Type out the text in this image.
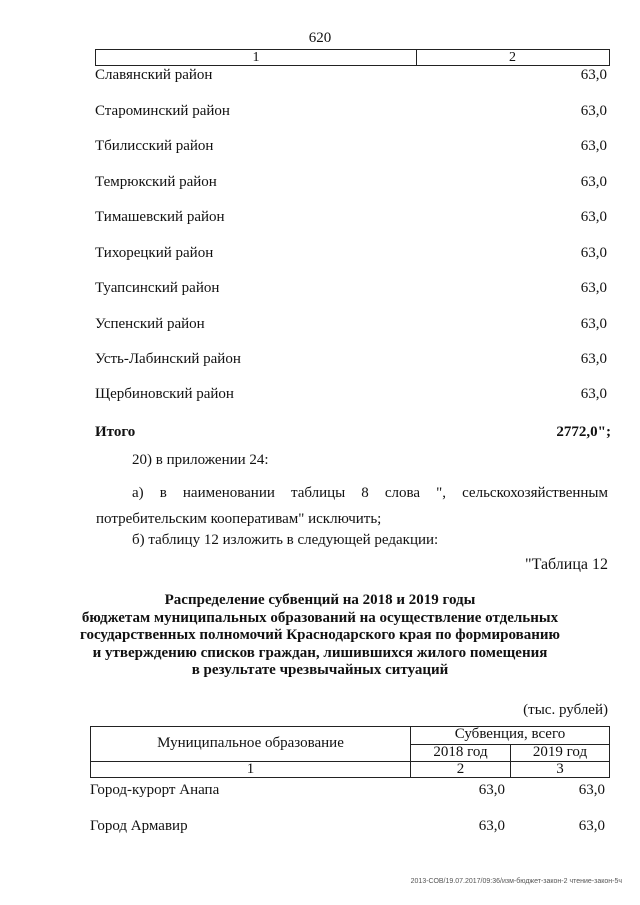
620
1	2
Славянский район	63,0
Староминский район	63,0
Тбилисский район	63,0
Темрюкский район	63,0
Тимашевский район	63,0
Тихорецкий район	63,0
Туапсинский район	63,0
Успенский район	63,0
Усть-Лабинский район	63,0
Щербиновский район	63,0
Итого	2772,0";
20) в приложении 24:
а) в наименовании таблицы 8 слова ", сельскохозяйственным потребительским кооперативам" исключить;
б) таблицу 12 изложить в следующей редакции:
"Таблица 12
Распределение субвенций на 2018 и 2019 годы
бюджетам муниципальных образований на осуществление отдельных
государственных полномочий Краснодарского края по формированию
и утверждению списков граждан, лишившихся жилого помещения
в результате чрезвычайных ситуаций
(тыс. рублей)
Муниципальное образование
Субвенция, всего
2018 год	2019 год
1	2	3
Город-курорт Анапа	63,0	63,0
Город Армавир	63,0	63,0
2013-СОВ/19.07.2017/09:36/изм-бюджет-закон-2 чтение-закон-5ч
